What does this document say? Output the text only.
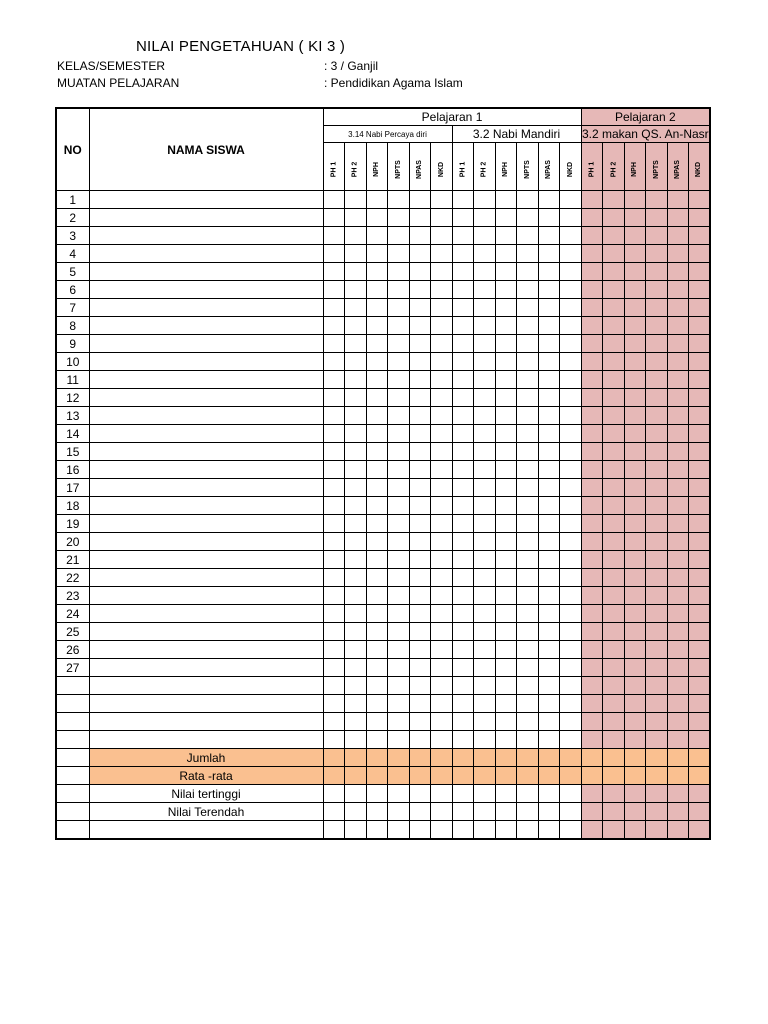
NILAI PENGETAHUAN ( KI 3 )
KELAS/SEMESTER	: 3 / Ganjil
MUATAN PELAJARAN	: Pendidikan Agama Islam
NO	NAMA SISWA	Pelajaran 1												Pelajaran 2					
		3.14 Nabi Percaya diri						3.2 Nabi Mandiri						3.2 makan QS. An-Nasr					
		PH 1	PH 2	NPH	NPTS	NPAS	NKD	PH 1	PH 2	NPH	NPTS	NPAS	NKD	PH 1	PH 2	NPH	NPTS	NPAS	NKD
1																			
2																			
3																			
4																			
5																			
6																			
7																			
8																			
9																			
10																			
11																			
12																			
13																			
14																			
15																			
16																			
17																			
18																			
19																			
20																			
21																			
22																			
23																			
24																			
25																			
26																			
27																			

	Jumlah																		
	Rata -rata																		
	Nilai tertinggi																		
	Nilai Terendah																		
